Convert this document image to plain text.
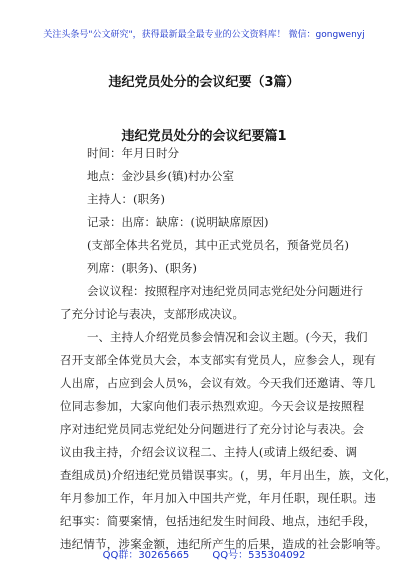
关注头条号"公文研究"，获得最新最全最专业的公文资料库！ 微信：gongwenyj
违纪党员处分的会议纪要（3篇）
违纪党员处分的会议纪要篇1
时间：年月日时分
地点：金沙县乡(镇)村办公室
主持人：(职务)
记录：出席：缺席：(说明缺席原因)
(支部全体共名党员，其中正式党员名，预备党员名)
列席：(职务)、(职务)
会议议程：按照程序对违纪党员同志党纪处分问题进行
了充分讨论与表决，支部形成决议。
一、主持人介绍党员参会情况和会议主题。(今天，我们
召开支部全体党员大会，本支部实有党员人，应参会人，现有
人出席，占应到会人员%，会议有效。今天我们还邀请、等几
位同志参加，大家向他们表示热烈欢迎。今天会议是按照程
序对违纪党员同志党纪处分问题进行了充分讨论与表决。会
议由我主持，介绍会议议程二、主持人(或请上级纪委、调
查组成员)介绍违纪党员错误事实。(，男，年月出生，族，文化，
年月参加工作，年月加入中国共产党，年月任职，现任职。违
纪事实：简要案情，包括违纪发生时间段、地点，违纪手段，
违纪情节，涉案金额，违纪所产生的后果，造成的社会影响等。
QQ群：30265665 QQ号：535304092
